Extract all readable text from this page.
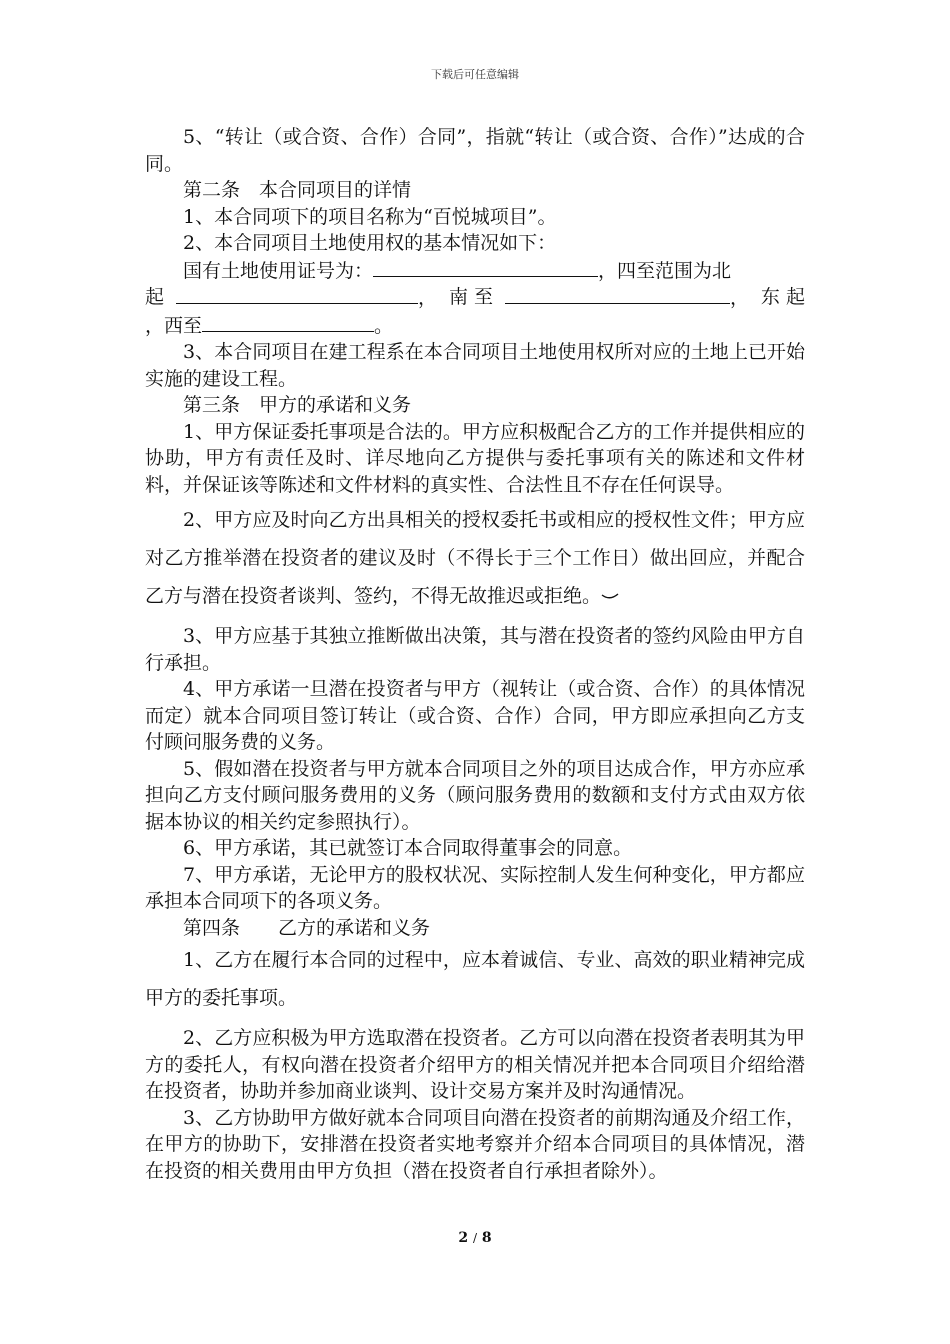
下载后可任意编辑

5、“转让（或合资、合作）合同”，指就“转让（或合资、合作）”达成的合同。

第二条 本合同项目的详情

1、本合同项下的项目名称为“百悦城项目”。

2、本合同项目土地使用权的基本情况如下：

国有土地使用证号为：	，四至范围为北

起	， 南 至	， 东 起

，西至	。

3、本合同项目在建工程系在本合同项目土地使用权所对应的土地上已开始实施的建设工程。

第三条 甲方的承诺和义务

1、甲方保证委托事项是合法的。甲方应积极配合乙方的工作并提供相应的协助，甲方有责任及时、详尽地向乙方提供与委托事项有关的陈述和文件材料，并保证该等陈述和文件材料的真实性、合法性且不存在任何误导。

2、甲方应及时向乙方出具相关的授权委托书或相应的授权性文件；甲方应对乙方推举潜在投资者的建议及时（不得长于三个工作日）做出回应，并配合乙方与潜在投资者谈判、签约，不得无故推迟或拒绝。

3、甲方应基于其独立推断做出决策，其与潜在投资者的签约风险由甲方自行承担。

4、甲方承诺一旦潜在投资者与甲方（视转让（或合资、合作）的具体情况而定）就本合同项目签订转让（或合资、合作）合同，甲方即应承担向乙方支付顾问服务费的义务。

5、假如潜在投资者与甲方就本合同项目之外的项目达成合作，甲方亦应承担向乙方支付顾问服务费用的义务（顾问服务费用的数额和支付方式由双方依据本协议的相关约定参照执行）。

6、甲方承诺，其已就签订本合同取得董事会的同意。

7、甲方承诺，无论甲方的股权状况、实际控制人发生何种变化，甲方都应承担本合同项下的各项义务。

第四条 乙方的承诺和义务

1、乙方在履行本合同的过程中，应本着诚信、专业、高效的职业精神完成甲方的委托事项。

2、乙方应积极为甲方选取潜在投资者。乙方可以向潜在投资者表明其为甲方的委托人，有权向潜在投资者介绍甲方的相关情况并把本合同项目介绍给潜在投资者，协助并参加商业谈判、设计交易方案并及时沟通情况。

3、乙方协助甲方做好就本合同项目向潜在投资者的前期沟通及介绍工作，在甲方的协助下，安排潜在投资者实地考察并介绍本合同项目的具体情况，潜在投资的相关费用由甲方负担（潜在投资者自行承担者除外）。

2 / 8
